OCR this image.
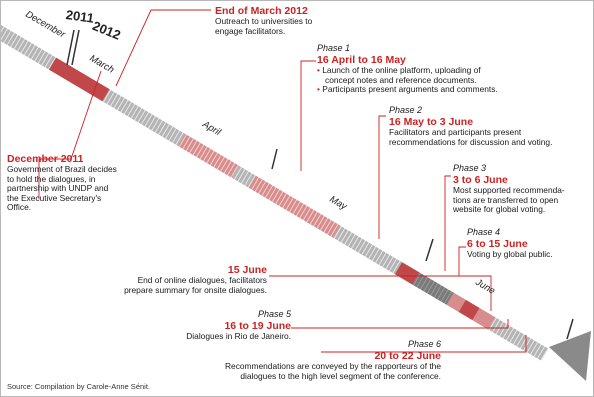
2011
2012
December
March
April
May
June
December 2011
Government of Brazil decides
to hold the dialogues, in
partnership with UNDP and
the Executive Secretary's
Office.
End of March 2012
Outreach to universities to
engage facilitators.
Phase 1
16 April to 16 May
• Launch of the online platform, uploading of
concept notes and reference documents.
• Participants present arguments and comments.
Phase 2
16 May to 3 June
Facilitators and participants present
recommendations for discussion and voting.
Phase 3
3 to 6 June
Most supported recommenda-
tions are transferred to open
website for global voting.
Phase 4
6 to 15 June
Voting by global public.
15 June
End of online dialogues, facilitators
prepare summary for onsite dialogues.
Phase 5
16 to 19 June
Dialogues in Rio de Janeiro.
Phase 6
20 to 22 June
Recommendations are conveyed by the rapporteurs of the
dialogues to the high level segment of the conference.
Source: Compilation by Carole-Anne Sénit.
